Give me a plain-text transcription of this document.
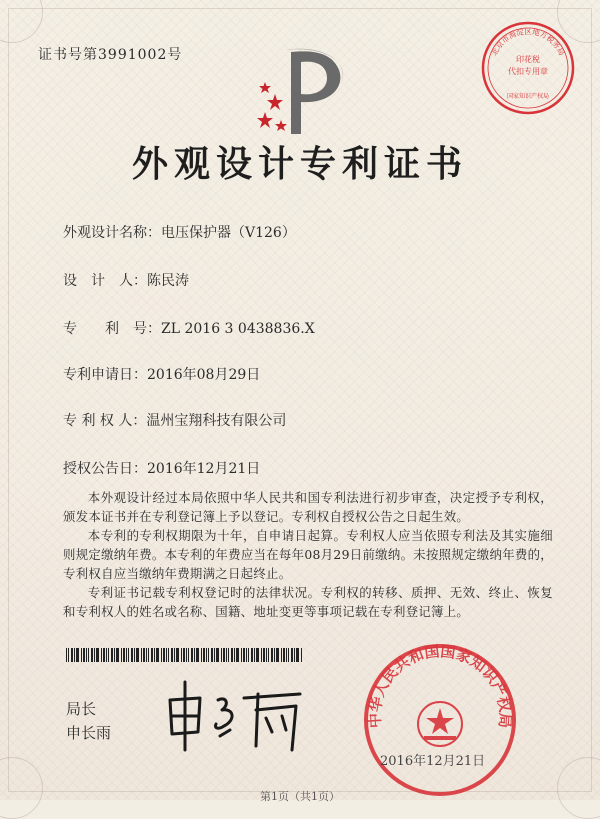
证书号第3991002号	印花税
代扣专用章
国家知识产权局
北京市海淀区地方税务局
外观设计专利证书
外观设计名称：电压保护器（V126）
设　计　人：陈民涛
专　　利　号：ZL 2016 3 0438836.X
专利申请日：2016年08月29日
专 利 权 人：温州宝翔科技有限公司
授权公告日：2016年12月21日

本外观设计经过本局依照中华人民共和国专利法进行初步审查，决定授予专利权，颁发本证书并在专利登记簿上予以登记。专利权自授权公告之日起生效。

本专利的专利权期限为十年，自申请日起算。专利权人应当依照专利法及其实施细则规定缴纳年费。本专利的年费应当在每年08月29日前缴纳。未按照规定缴纳年费的，专利权自应当缴纳年费期满之日起终止。

专利证书记载专利权登记时的法律状况。专利权的转移、质押、无效、终止、恢复和专利权人的姓名或名称、国籍、地址变更等事项记载在专利登记簿上。

局长
申长雨
中华人民共和国国家知识产权局
2016年12月21日
第1页（共1页）
